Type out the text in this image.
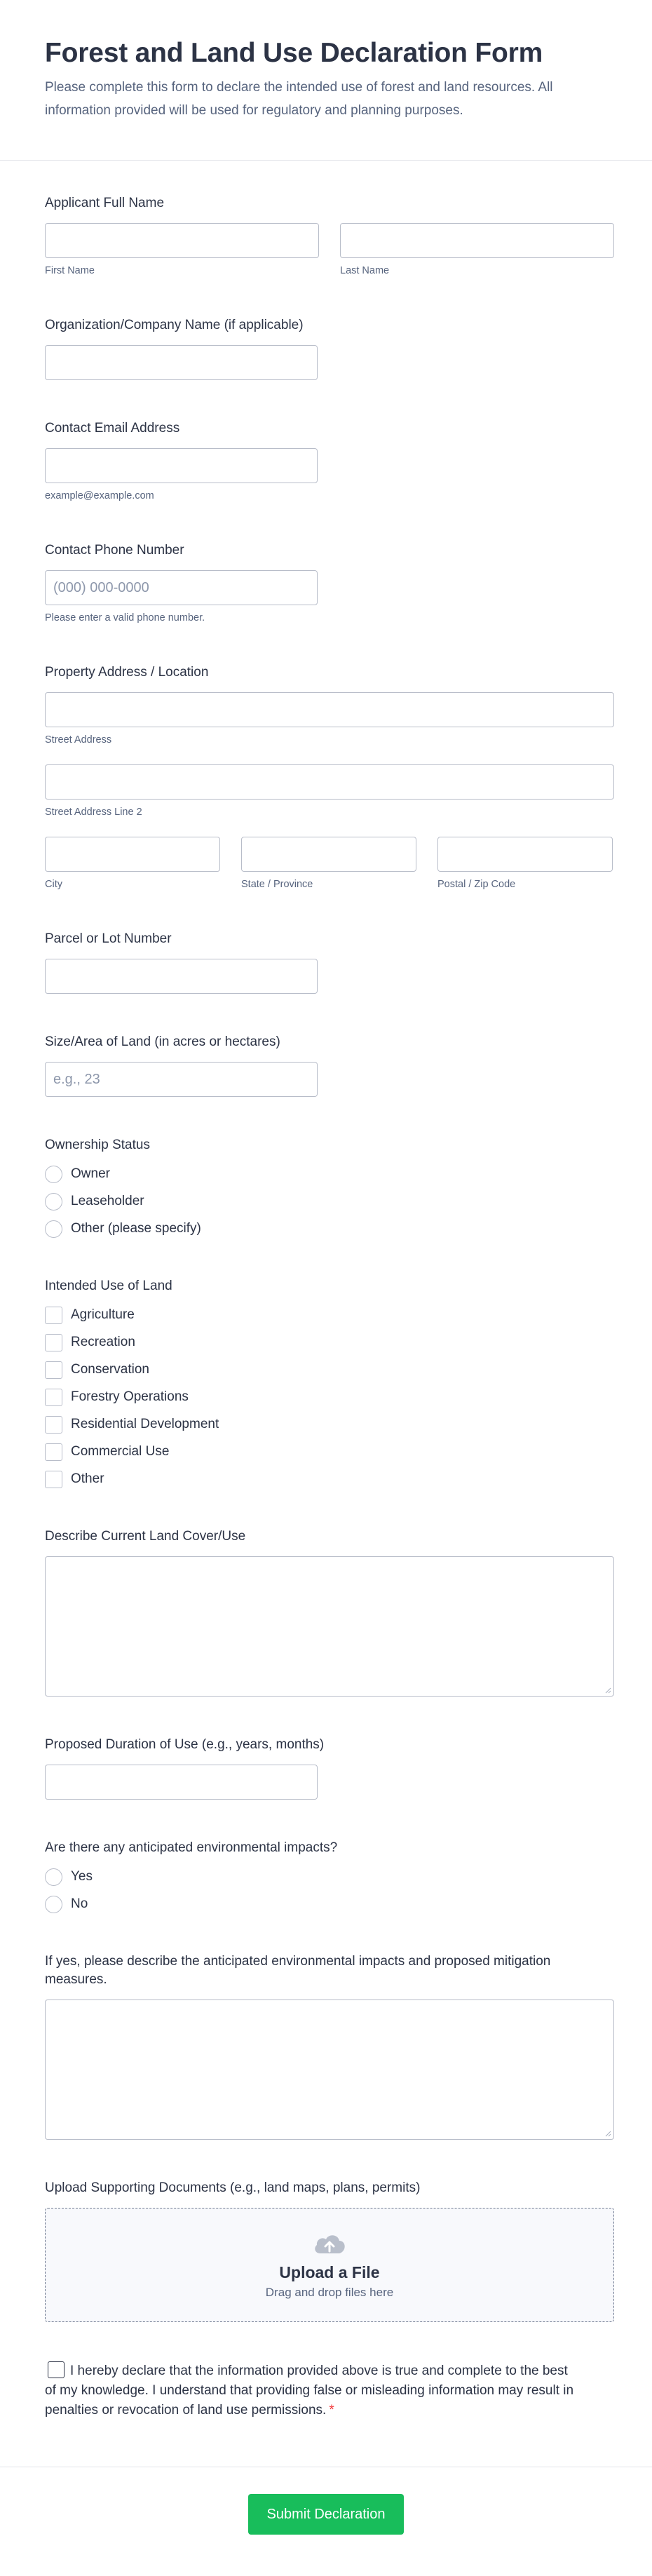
Forest and Land Use Declaration Form

Please complete this form to declare the intended use of forest and land resources. All information provided will be used for regulatory and planning purposes.

Applicant Full Name
First Name	Last Name
Organization/Company Name (if applicable)
Contact Email Address
example@example.com
Contact Phone Number
(000) 000-0000
Please enter a valid phone number.
Property Address / Location
Street Address
Street Address Line 2
City	State / Province	Postal / Zip Code
Parcel or Lot Number
Size/Area of Land (in acres or hectares)
e.g., 23
Ownership Status
Owner
Leaseholder
Other (please specify)
Intended Use of Land
Agriculture
Recreation
Conservation
Forestry Operations
Residential Development
Commercial Use
Other
Describe Current Land Cover/Use
Proposed Duration of Use (e.g., years, months)
Are there any anticipated environmental impacts?
Yes
No
If yes, please describe the anticipated environmental impacts and proposed mitigation measures.
Upload Supporting Documents (e.g., land maps, plans, permits)
Upload a File
Drag and drop files here
I hereby declare that the information provided above is true and complete to the best of my knowledge. I understand that providing false or misleading information may result in penalties or revocation of land use permissions. *
Submit Declaration
